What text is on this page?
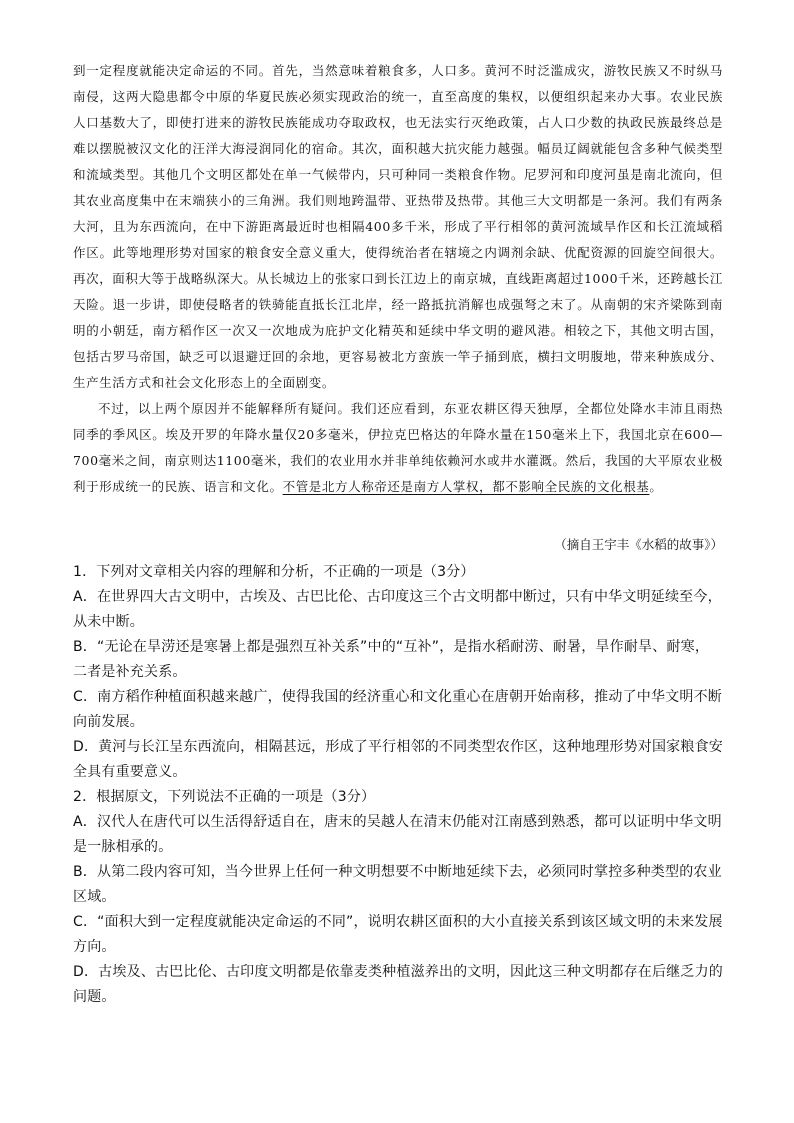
到一定程度就能决定命运的不同。首先，当然意味着粮食多，人口多。黄河不时泛滥成灾，游牧民族又不时纵马南侵，这两大隐患都令中原的华夏民族必须实现政治的统一，直至高度的集权，以便组织起来办大事。农业民族人口基数大了，即使打进来的游牧民族能成功夺取政权，也无法实行灭绝政策，占人口少数的执政民族最终总是难以摆脱被汉文化的汪洋大海浸润同化的宿命。其次，面积越大抗灾能力越强。幅员辽阔就能包含多种气候类型和流域类型。其他几个文明区都处在单一气候带内，只可种同一类粮食作物。尼罗河和印度河虽是南北流向，但其农业高度集中在末端狭小的三角洲。我们则地跨温带、亚热带及热带。其他三大文明都是一条河。我们有两条大河，且为东西流向，在中下游距离最近时也相隔400多千米，形成了平行相邻的黄河流域旱作区和长江流域稻作区。此等地理形势对国家的粮食安全意义重大，使得统治者在辖境之内调剂余缺、优配资源的回旋空间很大。再次，面积大等于战略纵深大。从长城边上的张家口到长江边上的南京城，直线距离超过1000千米，还跨越长江天险。退一步讲，即使侵略者的铁骑能直抵长江北岸，经一路抵抗消解也成强弩之末了。从南朝的宋齐梁陈到南明的小朝廷，南方稻作区一次又一次地成为庇护文化精英和延续中华文明的避风港。相较之下，其他文明古国，包括古罗马帝国，缺乏可以退避迂回的余地，更容易被北方蛮族一竿子捅到底，横扫文明腹地，带来种族成分、生产生活方式和社会文化形态上的全面剧变。

不过，以上两个原因并不能解释所有疑问。我们还应看到，东亚农耕区得天独厚，全都位处降水丰沛且雨热同季的季风区。埃及开罗的年降水量仅20多毫米，伊拉克巴格达的年降水量在150毫米上下，我国北京在600—700毫米之间，南京则达1100毫米，我们的农业用水并非单纯依赖河水或井水灌溉。然后，我国的大平原农业极利于形成统一的民族、语言和文化。不管是北方人称帝还是南方人掌权，都不影响全民族的文化根基。

（摘自王宇丰《水稻的故事》）

1．下列对文章相关内容的理解和分析，不正确的一项是（3分）

A．在世界四大古文明中，古埃及、古巴比伦、古印度这三个古文明都中断过，只有中华文明延续至今，从未中断。

B．“无论在旱涝还是寒暑上都是强烈互补关系”中的“互补”，是指水稻耐涝、耐暑，旱作耐旱、耐寒，二者是补充关系。

C．南方稻作种植面积越来越广，使得我国的经济重心和文化重心在唐朝开始南移，推动了中华文明不断向前发展。

D．黄河与长江呈东西流向，相隔甚远，形成了平行相邻的不同类型农作区，这种地理形势对国家粮食安全具有重要意义。

2．根据原文，下列说法不正确的一项是（3分）

A．汉代人在唐代可以生活得舒适自在，唐末的吴越人在清末仍能对江南感到熟悉，都可以证明中华文明是一脉相承的。

B．从第二段内容可知，当今世界上任何一种文明想要不中断地延续下去，必须同时掌控多种类型的农业区域。

C．“面积大到一定程度就能决定命运的不同”，说明农耕区面积的大小直接关系到该区域文明的未来发展方向。

D．古埃及、古巴比伦、古印度文明都是依靠麦类种植滋养出的文明，因此这三种文明都存在后继乏力的问题。
